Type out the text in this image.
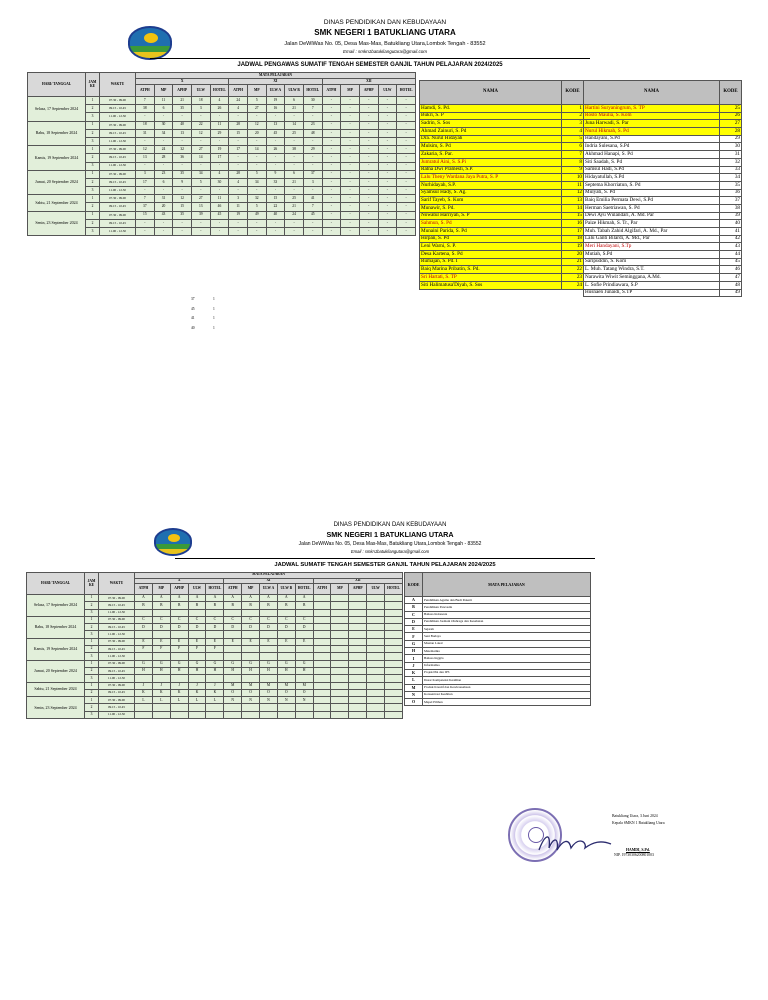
DINAS PENDIDIKAN DAN KEBUDAYAAN
SMK NEGERI 1 BATUKLIANG UTARA
Jalan DeWiWas No. 05, Desa Mas-Mas, Batukliang Utara,Lombok Tengah - 83552
Email : smkn1batukliangutara@gmail.com
JADWAL PENGAWAS SUMATIF TENGAH SEMESTER GANJIL TAHUN PELAJARAN 2024/2025
HARI/ TANGGAL	JAM KE	WAKTU	MATA PELAJARAN														
			X					XI					XII				
			ATPH	MP	APHP	ULW	HOTEL	ATPH	MP	ULW A	ULW B	HOTEL	ATPH	MP	APHP	ULW	HOTEL
Selasa, 17 September 2024	1	07.30 - 09.00	7	11	21	18	4	24	5	19	6	30	-	-	-	-	-
	2	09.15 - 10.45	38	6	35	3	26	4	27	16	21	7	-	-	-	-	-
	3	11.00 - 12.30	-	-	-	-	-	-	-	-	-	-	-	-	-	-	-
Rabu, 18 September 2024	1	07.30 - 09.00	18	30	40	22	11	28	12	13	14	23	-	-	-	-	-
	2	09.15 - 10.45	31	34	13	12	29	15	20	45	25	48	-	-	-	-	-
	3	11.00 - 12.30	-	-	-	-	-	-	-	-	-	-	-	-	-	-	-
Kamis, 19 September 2024	1	07.30 - 09.00	12	24	32	27	19	17	14	26	38	29	-	-	-	-	-
	2	09.15 - 10.45	13	28	36	14	17	-	-	-	-	-	-	-	-	-	-
	3	11.00 - 12.30	-	-	-	-	-	-	-	-	-	-	-	-	-	-	-
Jumat, 20 September 2024	1	07.30 - 09.00	3	23	35	34	4	28	5	9	6	37	-	-	-	-	-
	2	09.15 - 10.45	17	6	9	5	30	4	34	33	21	3	-	-	-	-	-
	3	11.00 - 12.30	-	-	-	-	-	-	-	-	-	-	-	-	-	-	-
Sabtu, 21 September 2024	1	07.30 - 09.00	7	31	12	27	11	3	32	15	25	41	-	-	-	-	-
	2	09.15 - 10.45	37	20	15	13	46	11	5	22	21	7	-	-	-	-	-
Senin, 23 September 2024	1	07.30 - 09.00	15	43	35	39	45	19	49	40	24	45	-	-	-	-	-
	2	09.15 - 10.45	-	-	-	-	-	-	-	-	-	-	-	-	-	-	-
	3	11.00 - 12.30	-	-	-	-	-	-	-	-	-	-	-	-	-	-	-
37	1
45	1
41	1
40	1
NAMA	KODE
Hamdi, S. Pd.	1
Bukri, S. P	2
Sadrin, S. Sos	3
Ahmad Zainuri, S. Pd	4
Dra. Nurul Hidayah	5
Mulsim, S. Pd	6
Zakaria, S. Par.	7
Jumratul Aini, S. S.Pi	8
Ratna Dwi Pramesti, S.P.	9
Lalu Theny Wardana Jaya Putra, S. P	10
Nurhidayah, S.P.	11
Syamsul Hady, S. Ag.	12
Sarif Tayeb, S. Kom	13
Munawir, S. Pd.	14
Nowatul Harriyah, S. P	15
Sahmun, S. Pd	16
Munaini Parida, S. Pd	17
Hirpan, S. Pd	18
Leni Warni, S. P.	19
Desa Kartena, S. Pd	20
Rumajan, S. Pd. I	21
Baiq Marina Pribatin, S. Pd.	22
Sri Hartati, S. TP	23
Siti Halimatusa'Diyah, S. Sos	24
NAMA	KODE
Hartini Suryaningrum, S. TP	25
Rosto Maulia, S. Kom	26
Juna Harwadi, S. Par	27
Nurul Hikmah, S. Pd	28
Handayani, S.Pd	29
Indria Sulesana, S.Pd	30
Akhmad Hanapi, S. Pd	31
Siti Saadah, S. Pd	32
Samsul Hadi, S.Pd	33
Hidayatullah, S.Pd	34
Septema Khorriatun, S. Pd	35
Mulyati, S. Pd	36
Baiq Emilia Permata Dewi, S.Pd	37
Herman Saetriawan, S. Pd	38
Dewi Ayu Wulandari, A. Md. Par	39
Paize Hikmah, S. Tr., Par	40
Muh. Tabah Zahid Algifari, A. Md., Par	41
Lalu Ganti Bilardi, A. Md., Par	42
Meri Handayani, S.Tp	43
Mutiah, S.Pd	44
Saripuddin, S. Kom	45
L. Muh. Tatang Windra, S.T.	46
Narawita Wiwit Seminggana, A.Md.	47
L. Sofie Prindiawara, S.P	48
Husnaen Junaidi, S.TP	49
DINAS PENDIDIKAN DAN KEBUDAYAAN
SMK NEGERI 1 BATUKLIANG UTARA
Jalan DeWiWas No. 05, Desa Mas-Mas, Batukliang Utara,Lombok Tengah - 83552
Email : smkn1batukliangutara@gmail.com
JADWAL SUMATIF TENGAH SEMESTER GANJIL TAHUN PELAJARAN 2024/2025
HARI/ TANGGAL	JAM KE	WAKTU	MATA PELAJARAN														
			X					XI					XII				
			ATPH	MP	APHP	ULW	HOTEL	ATPH	MP	ULW A	ULW B	HOTEL	ATPH	MP	APHP	ULW	HOTEL
Selasa, 17 September 2024	1	07.30 - 09.00	A	A	A	A	A	A	A	A	A	A					
	2	09.15 - 10.45	B	B	B	B	B	B	B	B	B	B					
	3	11.00 - 12.30															
Rabu, 18 September 2024	1	07.30 - 09.00	C	C	C	C	C	C	C	C	C	C					
	2	09.15 - 10.45	D	D	D	D	D	D	D	D	D	D					
	3	11.00 - 12.30															
Kamis, 19 September 2024	1	07.30 - 09.00	E	E	E	E	E	E	E	E	E	E					
	2	09.15 - 10.45	F	F	F	F	F										
	3	11.00 - 12.30															
Jumat, 20 September 2024	1	07.30 - 09.00	G	G	G	G	G	G	G	G	G	G					
	2	09.15 - 10.45	H	H	H	H	H	H	H	H	H	H					
	3	11.00 - 12.30															
Sabtu, 21 September 2024	1	07.30 - 09.00	J	J	J	J	J	M	M	M	M	M					
	2	09.15 - 10.45	K	K	K	K	K	O	O	O	O	O					
Senin, 23 September 2024	1	07.30 - 09.00	L	L	L	L	L	N	N	N	N	N					
	2	09.15 - 10.45															
	3	11.00 - 12.30															
KODE	MATA PELAJARAN
A	Pendidikan Agama dan Budi Pekerti
B	Pendidikan Pancasila
C	Bahasa Indonesia
D	Pendidikan Jasmani Olahraga dan Kesehatan
E	Sejarah
F	Seni Budaya
G	Muatan Lokal
H	Matematika
I	Bahasa Inggris
J	Informatika
K	Projek IPA dan IPS
L	Dasar Kompetensi Keahlian
M	Produk Kreatif dan Kewirausahaan
N	Konsentrasi Keahlian
O	Mapel Pilihan
Batukliang Utara, 3 Juni 2024
Kepala SMKN 1 Batukliang Utara
HAMDI, S.Pd.
NIP. 19730306200801003
